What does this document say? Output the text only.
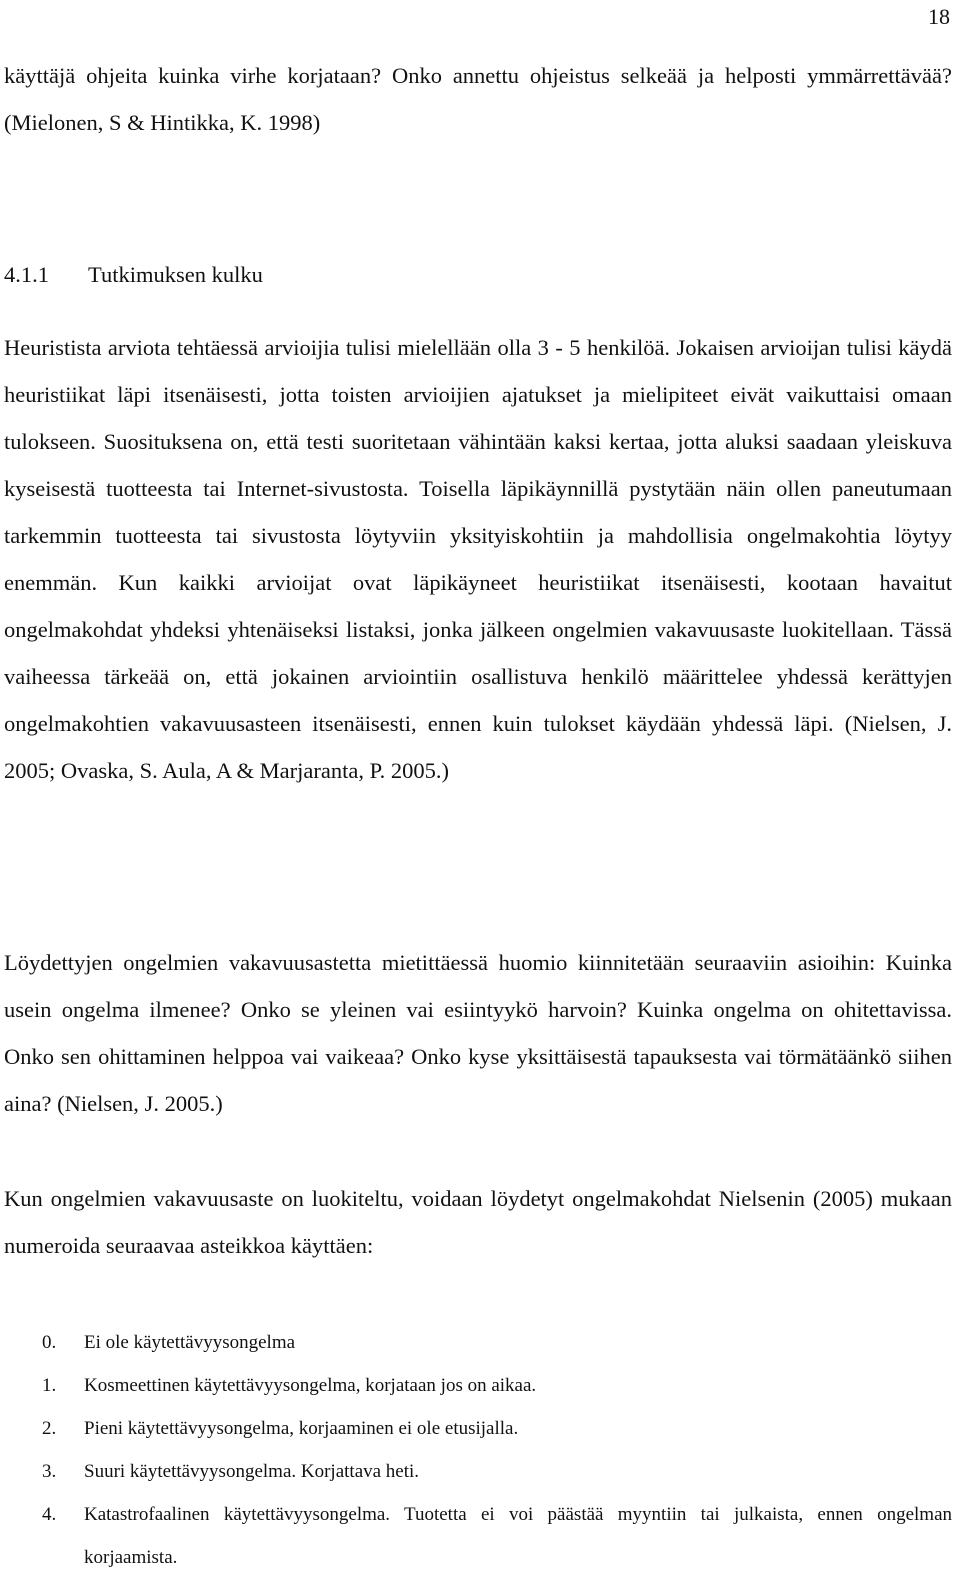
18

käyttäjä ohjeita kuinka virhe korjataan? Onko annettu ohjeistus selkeää ja helposti ymmärrettävää? (Mielonen, S & Hintikka, K. 1998)

4.1.1 Tutkimuksen kulku

Heuristista arviota tehtäessä arvioijia tulisi mielellään olla 3 - 5 henkilöä. Jokaisen arvioijan tulisi käydä heuristiikat läpi itsenäisesti, jotta toisten arvioijien ajatukset ja mielipiteet eivät vaikuttaisi omaan tulokseen. Suosituksena on, että testi suoritetaan vähintään kaksi kertaa, jotta aluksi saadaan yleiskuva kyseisestä tuotteesta tai Internet-sivustosta. Toisella läpikäynnillä pystytään näin ollen paneutumaan tarkemmin tuotteesta tai sivustosta löytyviin yksityiskohtiin ja mahdollisia ongelmakohtia löytyy enemmän. Kun kaikki arvioijat ovat läpikäyneet heuristiikat itsenäisesti, kootaan havaitut ongelmakohdat yhdeksi yhtenäiseksi listaksi, jonka jälkeen ongelmien vakavuusaste luokitellaan. Tässä vaiheessa tärkeää on, että jokainen arviointiin osallistuva henkilö määrittelee yhdessä kerättyjen ongelmakohtien vakavuusasteen itsenäisesti, ennen kuin tulokset käydään yhdessä läpi. (Nielsen, J. 2005; Ovaska, S. Aula, A & Marjaranta, P. 2005.)

Löydettyjen ongelmien vakavuusastetta mietittäessä huomio kiinnitetään seuraaviin asioihin: Kuinka usein ongelma ilmenee? Onko se yleinen vai esiintyykö harvoin? Kuinka ongelma on ohitettavissa. Onko sen ohittaminen helppoa vai vaikeaa? Onko kyse yksittäisestä tapauksesta vai törmätäänkö siihen aina? (Nielsen, J. 2005.)

Kun ongelmien vakavuusaste on luokiteltu, voidaan löydetyt ongelmakohdat Nielsenin (2005) mukaan numeroida seuraavaa asteikkoa käyttäen:

0.	Ei ole käytettävyysongelma
1.	Kosmeettinen käytettävyysongelma, korjataan jos on aikaa.
2.	Pieni käytettävyysongelma, korjaaminen ei ole etusijalla.
3.	Suuri käytettävyysongelma. Korjattava heti.
4.	Katastrofaalinen käytettävyysongelma. Tuotetta ei voi päästää myyntiin tai julkaista, ennen ongelman korjaamista.
